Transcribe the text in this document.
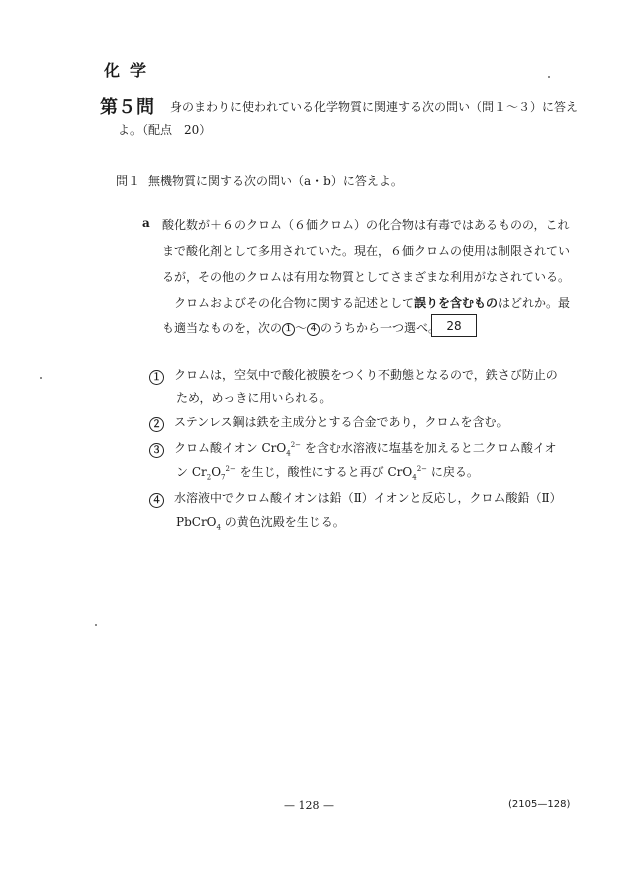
化学
第５問 身のまわりに使われている化学物質に関連する次の問い（問１～３）に答え
よ。（配点　20）
問１ 無機物質に関する次の問い（a・b）に答えよ。
a 酸化数が＋６のクロム（６価クロム）の化合物は有毒ではあるものの，これ
まで酸化剤として多用されていた。現在，６価クロムの使用は制限されてい
るが，その他のクロムは有用な物質としてさまざまな利用がなされている。
クロムおよびその化合物に関する記述として誤りを含むものはどれか。最
も適当なものを，次の １ ～ ４ のうちから一つ選べ。 28
１ クロムは，空気中で酸化被膜をつくり不動態となるので，鉄さび防止の
ため，めっきに用いられる。
２ ステンレス鋼は鉄を主成分とする合金であり，クロムを含む。
３ クロム酸イオン CrO$_4^{2-}$ を含む水溶液に塩基を加えると二クロム酸イオ
ン $Cr_2O_7^{2-}$ を生じ，酸性にすると再び CrO$_4^{2-}$ に戻る。
４ 水溶液中でクロム酸イオンは鉛（Ⅱ）イオンと反応し，クロム酸鉛（Ⅱ）
PbCrO$_4$ の黄色沈殿を生じる。
— 128 —	(2105—128)
